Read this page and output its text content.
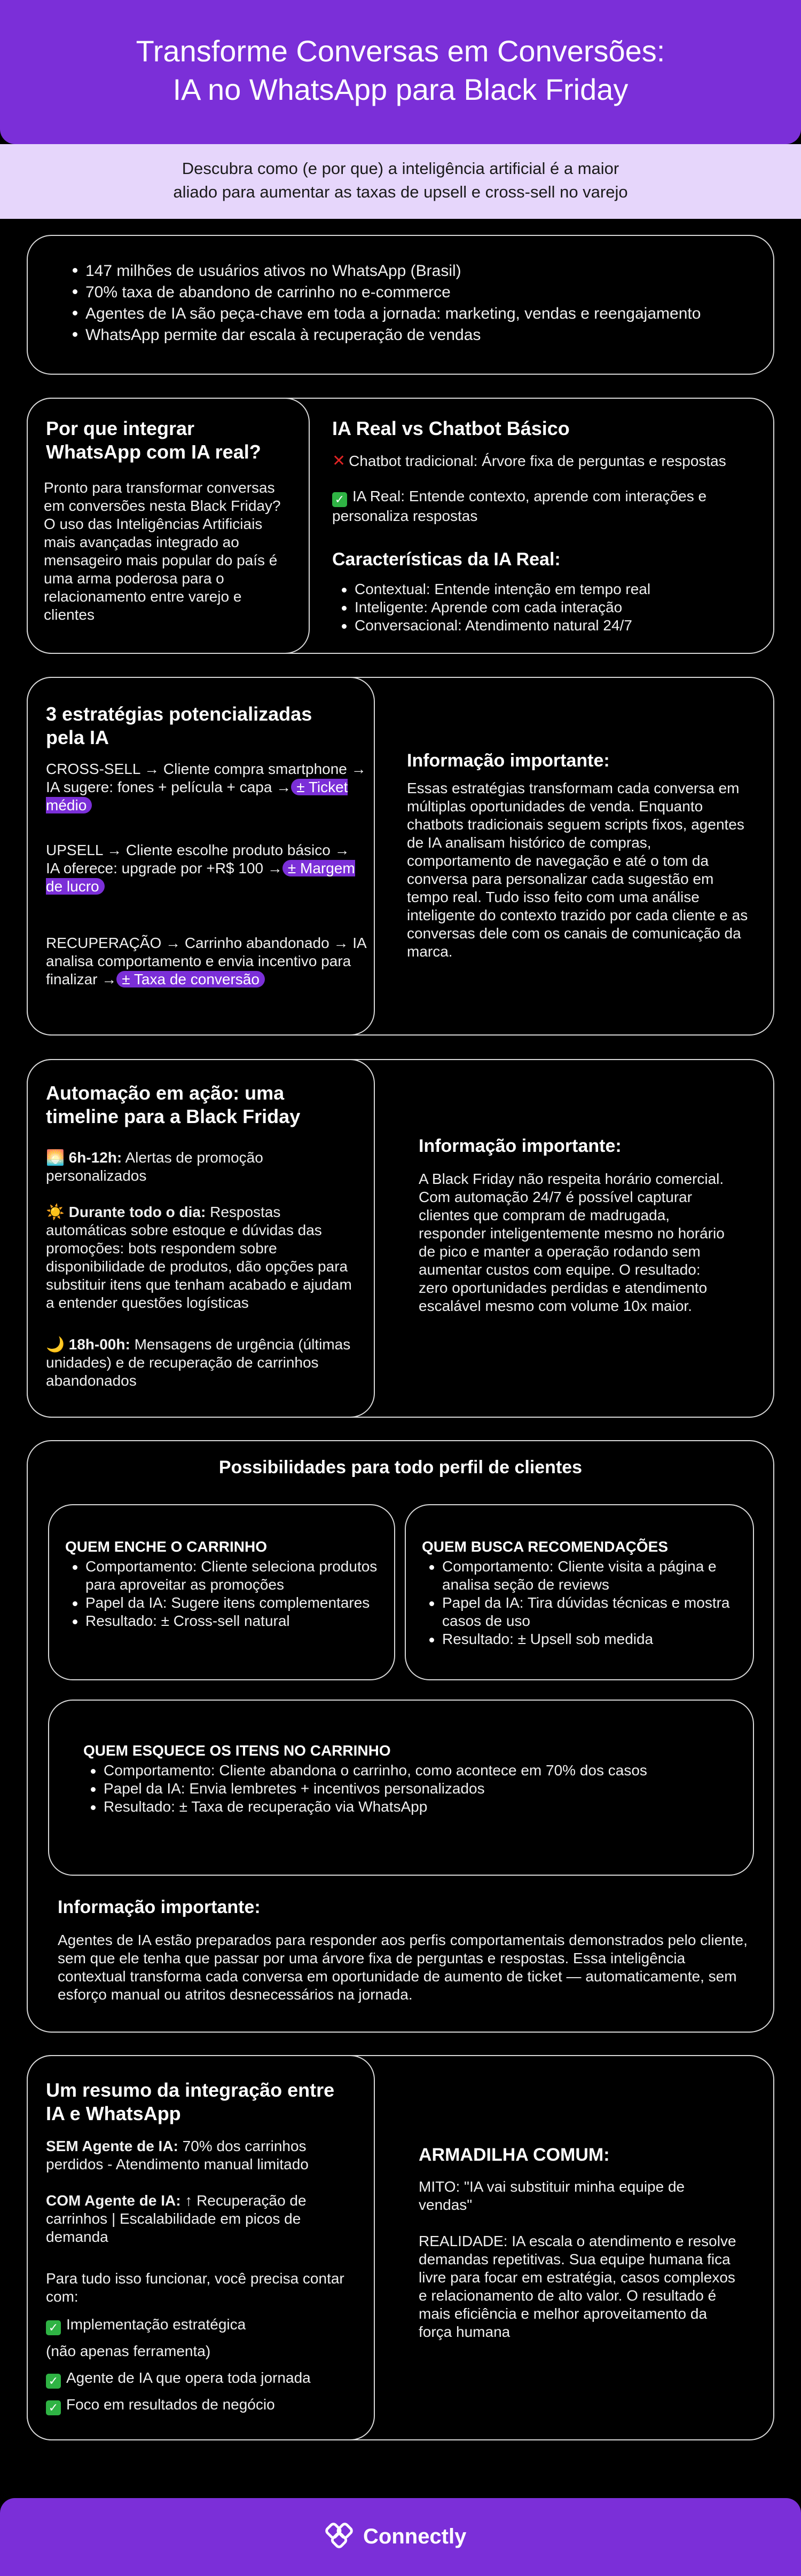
Transforme Conversas em Conversões:
IA no WhatsApp para Black Friday

Descubra como (e por que) a inteligência artificial é a maior
aliado para aumentar as taxas de upsell e cross-sell no varejo

147 milhões de usuários ativos no WhatsApp (Brasil)
70% taxa de abandono de carrinho no e-commerce
Agentes de IA são peça-chave em toda a jornada: marketing, vendas e reengajamento
WhatsApp permite dar escala à recuperação de vendas
Por que integrar WhatsApp com IA real?
Pronto para transformar conversas em conversões nesta Black Friday? O uso das Inteligências Artificiais mais avançadas integrado ao mensageiro mais popular do país é uma arma poderosa para o relacionamento entre varejo e clientes
IA Real vs Chatbot Básico
✕ Chatbot tradicional: Árvore fixa de perguntas e respostas
✓ IA Real: Entende contexto, aprende com interações e personaliza respostas
Características da IA Real:
Contextual: Entende intenção em tempo real
Inteligente: Aprende com cada interação
Conversacional: Atendimento natural 24/7
3 estratégias potencializadas pela IA
CROSS-SELL → Cliente compra smartphone → IA sugere: fones + película + capa → ± Ticket médio
UPSELL → Cliente escolhe produto básico → IA oferece: upgrade por +R$ 100 → ± Margem de lucro
RECUPERAÇÃO → Carrinho abandonado → IA analisa comportamento e envia incentivo para finalizar → ± Taxa de conversão
Informação importante:
Essas estratégias transformam cada conversa em múltiplas oportunidades de venda. Enquanto chatbots tradicionais seguem scripts fixos, agentes de IA analisam histórico de compras, comportamento de navegação e até o tom da conversa para personalizar cada sugestão em tempo real. Tudo isso feito com uma análise inteligente do contexto trazido por cada cliente e as conversas dele com os canais de comunicação da marca.
Automação em ação: uma timeline para a Black Friday
🌅 6h-12h: Alertas de promoção personalizados
☀️ Durante todo o dia: Respostas automáticas sobre estoque e dúvidas das promoções: bots respondem sobre disponibilidade de produtos, dão opções para substituir itens que tenham acabado e ajudam a entender questões logísticas
🌙 18h-00h: Mensagens de urgência (últimas unidades) e de recuperação de carrinhos abandonados
Informação importante:
A Black Friday não respeita horário comercial. Com automação 24/7 é possível capturar clientes que compram de madrugada, responder inteligentemente mesmo no horário de pico e manter a operação rodando sem aumentar custos com equipe. O resultado: zero oportunidades perdidas e atendimento escalável mesmo com volume 10x maior.
Possibilidades para todo perfil de clientes
QUEM ENCHE O CARRINHO
Comportamento: Cliente seleciona produtos para aproveitar as promoções
Papel da IA: Sugere itens complementares
Resultado: ± Cross-sell natural
QUEM BUSCA RECOMENDAÇÕES
Comportamento: Cliente visita a página e analisa seção de reviews
Papel da IA: Tira dúvidas técnicas e mostra casos de uso
Resultado: ± Upsell sob medida
QUEM ESQUECE OS ITENS NO CARRINHO
Comportamento: Cliente abandona o carrinho, como acontece em 70% dos casos
Papel da IA: Envia lembretes + incentivos personalizados
Resultado: ± Taxa de recuperação via WhatsApp
Informação importante:
Agentes de IA estão preparados para responder aos perfis comportamentais demonstrados pelo cliente, sem que ele tenha que passar por uma árvore fixa de perguntas e respostas. Essa inteligência contextual transforma cada conversa em oportunidade de aumento de ticket — automaticamente, sem esforço manual ou atritos desnecessários na jornada.
Um resumo da integração entre IA e WhatsApp
SEM Agente de IA: 70% dos carrinhos perdidos - Atendimento manual limitado
COM Agente de IA: ↑ Recuperação de carrinhos | Escalabilidade em picos de demanda
Para tudo isso funcionar, você precisa contar com:
✓ Implementação estratégica
(não apenas ferramenta)
✓ Agente de IA que opera toda jornada
✓ Foco em resultados de negócio
ARMADILHA COMUM:
MITO: "IA vai substituir minha equipe de vendas"
REALIDADE: IA escala o atendimento e resolve demandas repetitivas. Sua equipe humana fica livre para focar em estratégia, casos complexos e relacionamento de alto valor. O resultado é mais eficiência e melhor aproveitamento da força humana
Connectly
